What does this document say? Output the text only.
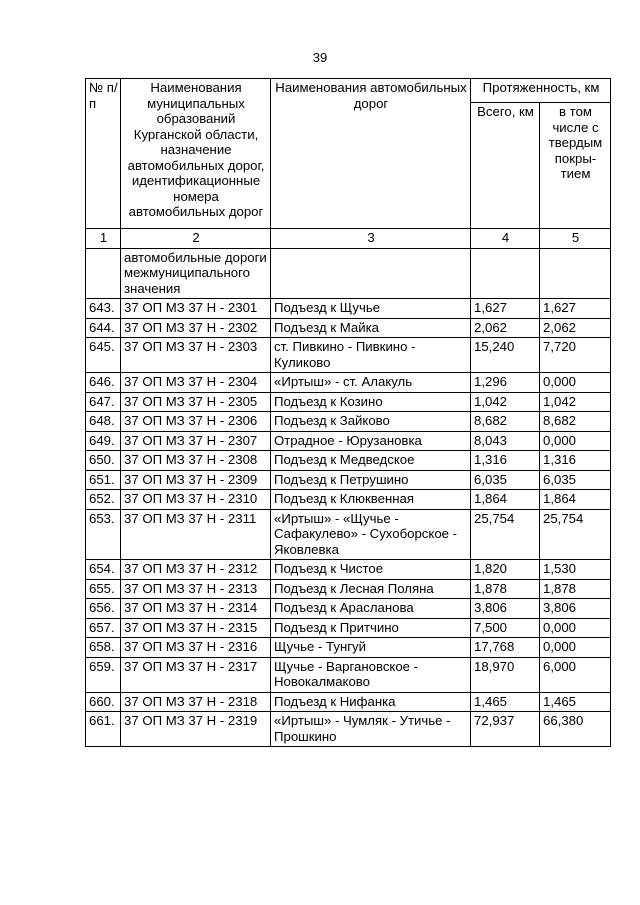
39
№ п/п	Наименования муниципальных образований Курганской области, назначение автомобильных дорог, идентификационные номера автомобильных дорог	Наименования автомобильных дорог	Протяженность, км	
			Всего, км	в том числе с твердым покры-тием
1	2	3	4	5
	автомобильные дороги межмуниципального значения			
643.	37 ОП МЗ 37 Н - 2301	Подъезд к Щучье	1,627	1,627
644.	37 ОП МЗ 37 Н - 2302	Подъезд к Майка	2,062	2,062
645.	37 ОП МЗ 37 Н - 2303	ст. Пивкино - Пивкино - Куликово	15,240	7,720
646.	37 ОП МЗ 37 Н - 2304	«Иртыш» - ст. Алакуль	1,296	0,000
647.	37 ОП МЗ 37 Н - 2305	Подъезд к Козино	1,042	1,042
648.	37 ОП МЗ 37 Н - 2306	Подъезд к Зайково	8,682	8,682
649.	37 ОП МЗ 37 Н - 2307	Отрадное - Юрузановка	8,043	0,000
650.	37 ОП МЗ 37 Н - 2308	Подъезд к Медведское	1,316	1,316
651.	37 ОП МЗ 37 Н - 2309	Подъезд к Петрушино	6,035	6,035
652.	37 ОП МЗ 37 Н - 2310	Подъезд к Клюквенная	1,864	1,864
653.	37 ОП МЗ 37 Н - 2311	«Иртыш» - «Щучье - Сафакулево» - Сухоборское - Яковлевка	25,754	25,754
654.	37 ОП МЗ 37 Н - 2312	Подъезд к Чистое	1,820	1,530
655.	37 ОП МЗ 37 Н - 2313	Подъезд к Лесная Поляна	1,878	1,878
656.	37 ОП МЗ 37 Н - 2314	Подъезд к Арасланова	3,806	3,806
657.	37 ОП МЗ 37 Н - 2315	Подъезд к Притчино	7,500	0,000
658.	37 ОП МЗ 37 Н - 2316	Щучье - Тунгуй	17,768	0,000
659.	37 ОП МЗ 37 Н - 2317	Щучье - Варгановское - Новокалмаково	18,970	6,000
660.	37 ОП МЗ 37 Н - 2318	Подъезд к Нифанка	1,465	1,465
661.	37 ОП МЗ 37 Н - 2319	«Иртыш» - Чумляк - Утичье - Прошкино	72,937	66,380
